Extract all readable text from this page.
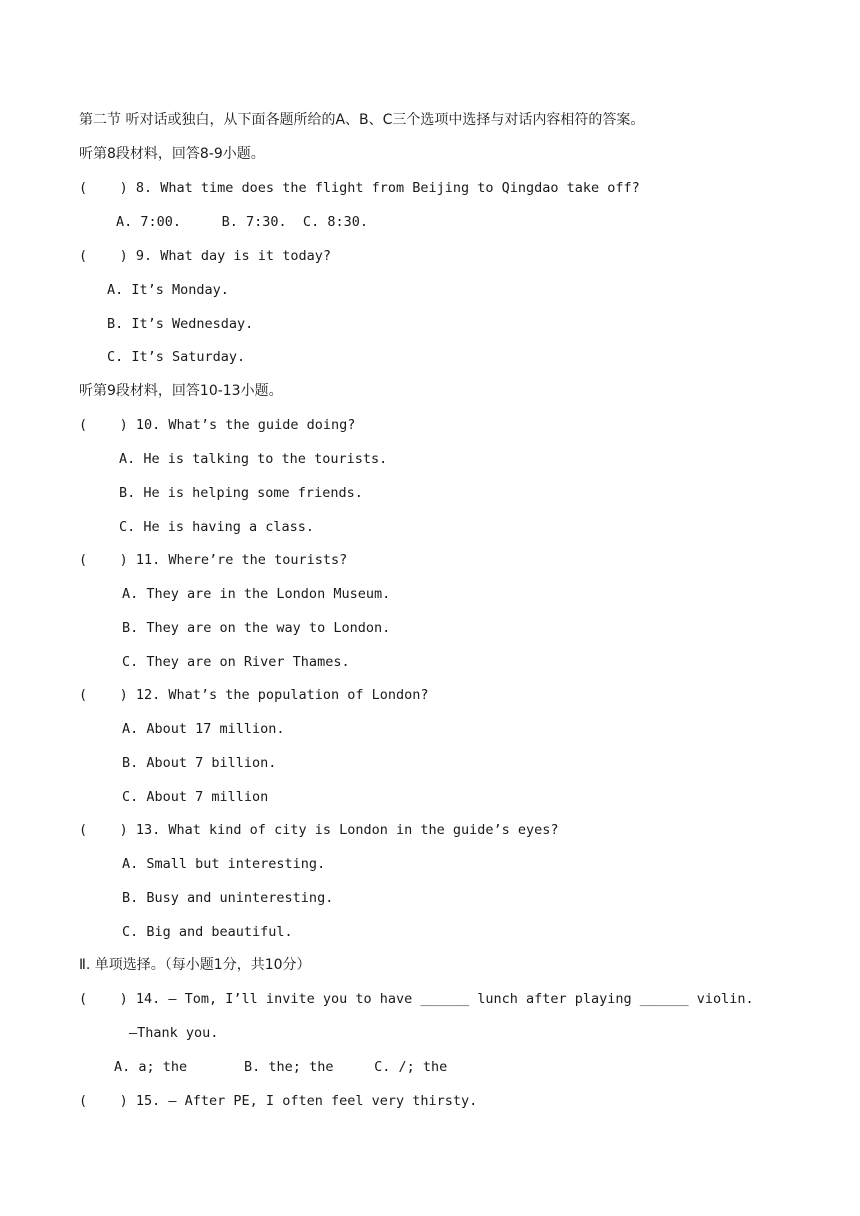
第二节 听对话或独白，从下面各题所给的A、B、C三个选项中选择与对话内容相符的答案。
听第8段材料，回答8-9小题。
(    ) 8. What time does the flight from Beijing to Qingdao take off?
A. 7:00.     B. 7:30.  C. 8:30.
(    ) 9. What day is it today?
A. It’s Monday.
B. It’s Wednesday.
C. It’s Saturday.
听第9段材料，回答10-13小题。
(    ) 10. What’s the guide doing?
A. He is talking to the tourists.
B. He is helping some friends.
C. He is having a class.
(    ) 11. Where’re the tourists?
A. They are in the London Museum.
B. They are on the way to London.
C. They are on River Thames.
(    ) 12. What’s the population of London?
A. About 17 million.
B. About 7 billion.
C. About 7 million
(    ) 13. What kind of city is London in the guide’s eyes?
A. Small but interesting.
B. Busy and uninteresting.
C. Big and beautiful.
Ⅱ. 单项选择。（每小题1分，共10分）
(    ) 14. — Tom, I’ll invite you to have ______ lunch after playing ______ violin.
—Thank you.
A. a; the       B. the; the     C. /; the
(    ) 15. — After PE, I often feel very thirsty.
